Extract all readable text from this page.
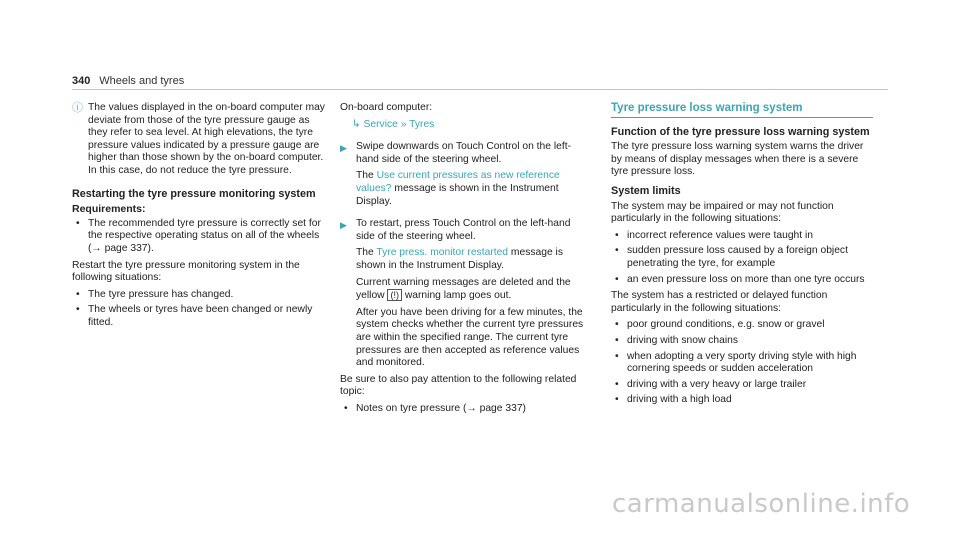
340 Wheels and tyres
ⓘ The values displayed in the on-board computer may deviate from those of the tyre pressure gauge as they refer to sea level. At high elevations, the tyre pressure values indicated by a pressure gauge are higher than those shown by the on-board computer. In this case, do not reduce the tyre pressure.

Restarting the tyre pressure monitoring system
Requirements:
• The recommended tyre pressure is correctly set for the respective operating status on all of the wheels (→ page 337).

Restart the tyre pressure monitoring system in the following situations:

• The tyre pressure has changed.
• The wheels or tyres have been changed or newly fitted.

On-board computer:

↳ Service » Tyres
▶ Swipe downwards on Touch Control on the left-hand side of the steering wheel.

The Use current pressures as new reference values? message is shown in the Instrument Display.

▶ To restart, press Touch Control on the left-hand side of the steering wheel.

The Tyre press. monitor restarted message is shown in the Instrument Display.

Current warning messages are deleted and the yellow (!) warning lamp goes out.

After you have been driving for a few minutes, the system checks whether the current tyre pressures are within the specified range. The current tyre pressures are then accepted as reference values and monitored.

Be sure to also pay attention to the following related topic:

• Notes on tyre pressure (→ page 337)
Tyre pressure loss warning system
Function of the tyre pressure loss warning system

The tyre pressure loss warning system warns the driver by means of display messages when there is a severe tyre pressure loss.

System limits

The system may be impaired or may not function particularly in the following situations:

• incorrect reference values were taught in
• sudden pressure loss caused by a foreign object penetrating the tyre, for example
• an even pressure loss on more than one tyre occurs

The system has a restricted or delayed function particularly in the following situations:

• poor ground conditions, e.g. snow or gravel
• driving with snow chains
• when adopting a very sporty driving style with high cornering speeds or sudden acceleration
• driving with a very heavy or large trailer
• driving with a high load
carmanualsonline.info
